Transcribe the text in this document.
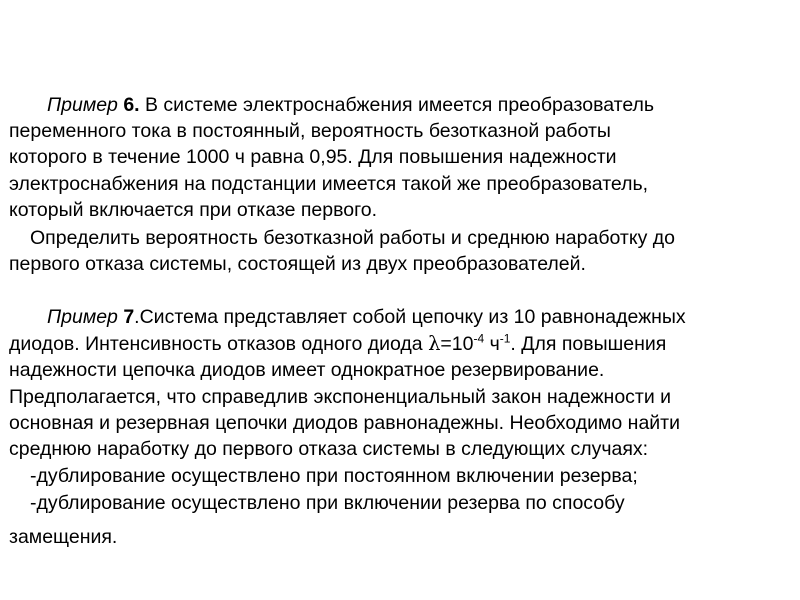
Пример 6. В системе электроснабжения имеется преобразователь
переменного тока в постоянный, вероятность безотказной работы
которого в течение 1000 ч равна 0,95. Для повышения надежности
электроснабжения на подстанции имеется такой же преобразователь,
который включается при отказе первого.
Определить вероятность безотказной работы и среднюю наработку до
первого отказа системы, состоящей из двух преобразователей.
Пример 7.Система представляет собой цепочку из 10 равнонадежных
диодов. Интенсивность отказов одного диода $\lambda=10^{-4}$ $ч^{-1}$. Для повышения
надежности цепочка диодов имеет однократное резервирование.
Предполагается, что справедлив экспоненциальный закон надежности и
основная и резервная цепочки диодов равнонадежны. Необходимо найти
среднюю наработку до первого отказа системы в следующих случаях:
-дублирование осуществлено при постоянном включении резерва;
-дублирование осуществлено при включении резерва по способу
замещения.
